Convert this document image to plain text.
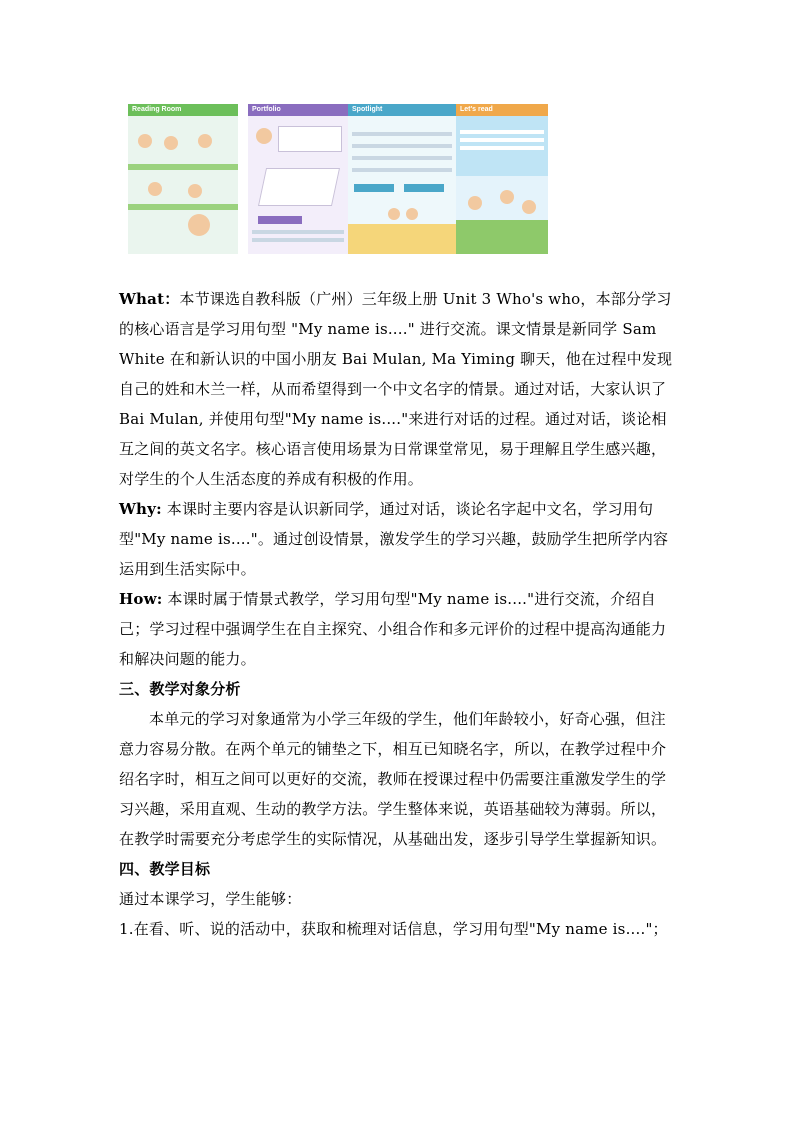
Reading Room	Portfolio	Spotlight	Let's read

What：本节课选自教科版（广州）三年级上册 Unit 3 Who's who，本部分学习的核心语言是学习用句型 "My name is...." 进行交流。课文情景是新同学 Sam White 在和新认识的中国小朋友 Bai Mulan, Ma Yiming 聊天，他在过程中发现自己的姓和木兰一样，从而希望得到一个中文名字的情景。通过对话，大家认识了 Bai Mulan, 并使用句型"My name is...."来进行对话的过程。通过对话，谈论相互之间的英文名字。核心语言使用场景为日常课堂常见，易于理解且学生感兴趣，对学生的个人生活态度的养成有积极的作用。

Why: 本课时主要内容是认识新同学，通过对话，谈论名字起中文名，学习用句型"My name is...."。通过创设情景，激发学生的学习兴趣，鼓励学生把所学内容运用到生活实际中。

How: 本课时属于情景式教学，学习用句型"My name is...."进行交流，介绍自己；学习过程中强调学生在自主探究、小组合作和多元评价的过程中提高沟通能力和解决问题的能力。

三、教学对象分析

本单元的学习对象通常为小学三年级的学生，他们年龄较小，好奇心强，但注意力容易分散。在两个单元的铺垫之下，相互已知晓名字，所以，在教学过程中介绍名字时，相互之间可以更好的交流，教师在授课过程中仍需要注重激发学生的学习兴趣，采用直观、生动的教学方法。学生整体来说，英语基础较为薄弱。所以，在教学时需要充分考虑学生的实际情况，从基础出发，逐步引导学生掌握新知识。

四、教学目标

通过本课学习，学生能够：

1.在看、听、说的活动中，获取和梳理对话信息，学习用句型"My name is...."；
